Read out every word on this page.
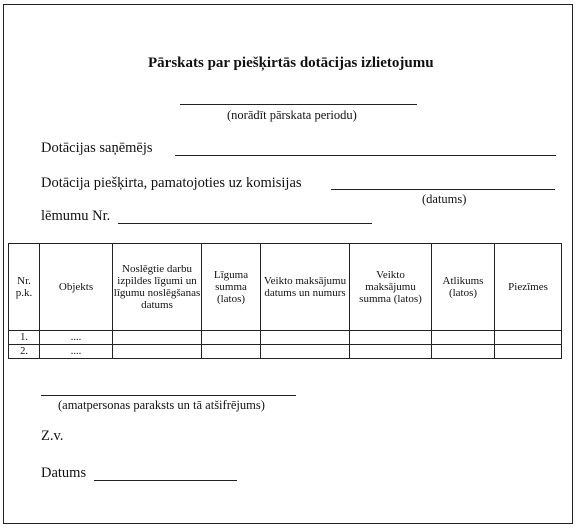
Pārskats par piešķirtās dotācijas izlietojumu
(norādīt pārskata periodu)
Dotācijas saņēmējs
Dotācija piešķirta, pamatojoties uz komisijas
(datums)
lēmumu Nr.
Nr. p.k.	Objekts	Noslēgtie darbu izpildes līgumi un līgumu noslēgšanas datums	Līguma summa (latos)	Veikto maksājumu datums un numurs	Veikto maksājumu summa (latos)	Atlikums (latos)	Piezīmes
1.	....						
2.	....						
(amatpersonas paraksts un tā atšifrējums)
Z.v.
Datums
